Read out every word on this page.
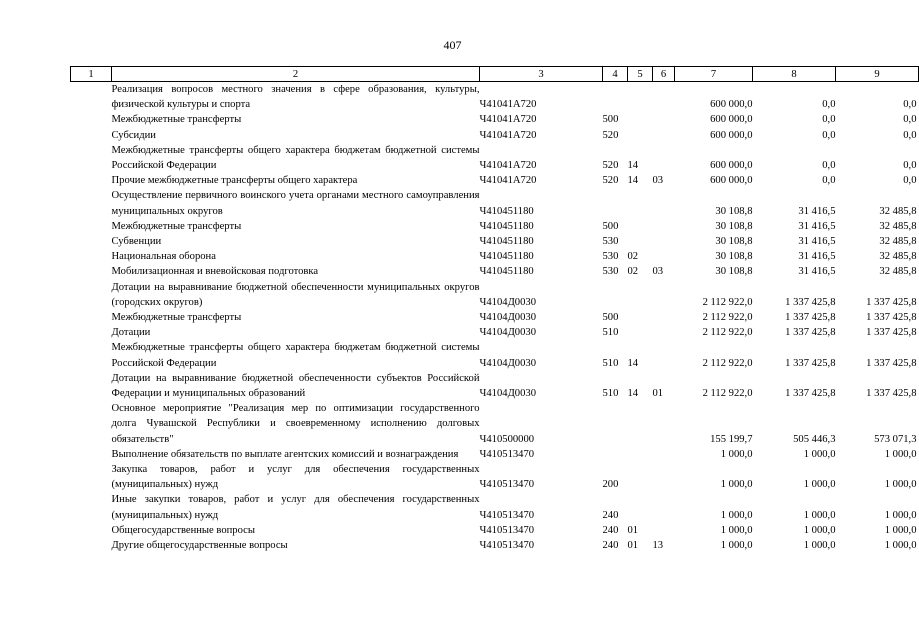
407
1	2	3	4	5	6	7	8	9
	Реализация вопросов местного значения в сфере образования, культуры, физической культуры и спорта	Ч41041А720				600 000,0	0,0	0,0
	Межбюджетные трансферты	Ч41041А720	500			600 000,0	0,0	0,0
	Субсидии	Ч41041А720	520			600 000,0	0,0	0,0
	Межбюджетные трансферты общего характера бюджетам бюджетной системы Российской Федерации	Ч41041А720	520	14		600 000,0	0,0	0,0
	Прочие межбюджетные трансферты общего характера	Ч41041А720	520	14	03	600 000,0	0,0	0,0
	Осуществление первичного воинского учета органами местного самоуправления муниципальных округов	Ч410451180				30 108,8	31 416,5	32 485,8
	Межбюджетные трансферты	Ч410451180	500			30 108,8	31 416,5	32 485,8
	Субвенции	Ч410451180	530			30 108,8	31 416,5	32 485,8
	Национальная оборона	Ч410451180	530	02		30 108,8	31 416,5	32 485,8
	Мобилизационная и вневойсковая подготовка	Ч410451180	530	02	03	30 108,8	31 416,5	32 485,8
	Дотации на выравнивание бюджетной обеспеченности муниципальных округов (городских округов)	Ч4104Д0030				2 112 922,0	1 337 425,8	1 337 425,8
	Межбюджетные трансферты	Ч4104Д0030	500			2 112 922,0	1 337 425,8	1 337 425,8
	Дотации	Ч4104Д0030	510			2 112 922,0	1 337 425,8	1 337 425,8
	Межбюджетные трансферты общего характера бюджетам бюджетной системы Российской Федерации	Ч4104Д0030	510	14		2 112 922,0	1 337 425,8	1 337 425,8
	Дотации на выравнивание бюджетной обеспеченности субъектов Российской Федерации и муниципальных образований	Ч4104Д0030	510	14	01	2 112 922,0	1 337 425,8	1 337 425,8
	Основное мероприятие "Реализация мер по оптимизации государственного долга Чувашской Республики и своевременному исполнению долговых обязательств"	Ч410500000				155 199,7	505 446,3	573 071,3
	Выполнение обязательств по выплате агентских комиссий и вознаграждения	Ч410513470				1 000,0	1 000,0	1 000,0
	Закупка товаров, работ и услуг для обеспечения государственных (муниципальных) нужд	Ч410513470	200			1 000,0	1 000,0	1 000,0
	Иные закупки товаров, работ и услуг для обеспечения государственных (муниципальных) нужд	Ч410513470	240			1 000,0	1 000,0	1 000,0
	Общегосударственные вопросы	Ч410513470	240	01		1 000,0	1 000,0	1 000,0
	Другие общегосударственные вопросы	Ч410513470	240	01	13	1 000,0	1 000,0	1 000,0
